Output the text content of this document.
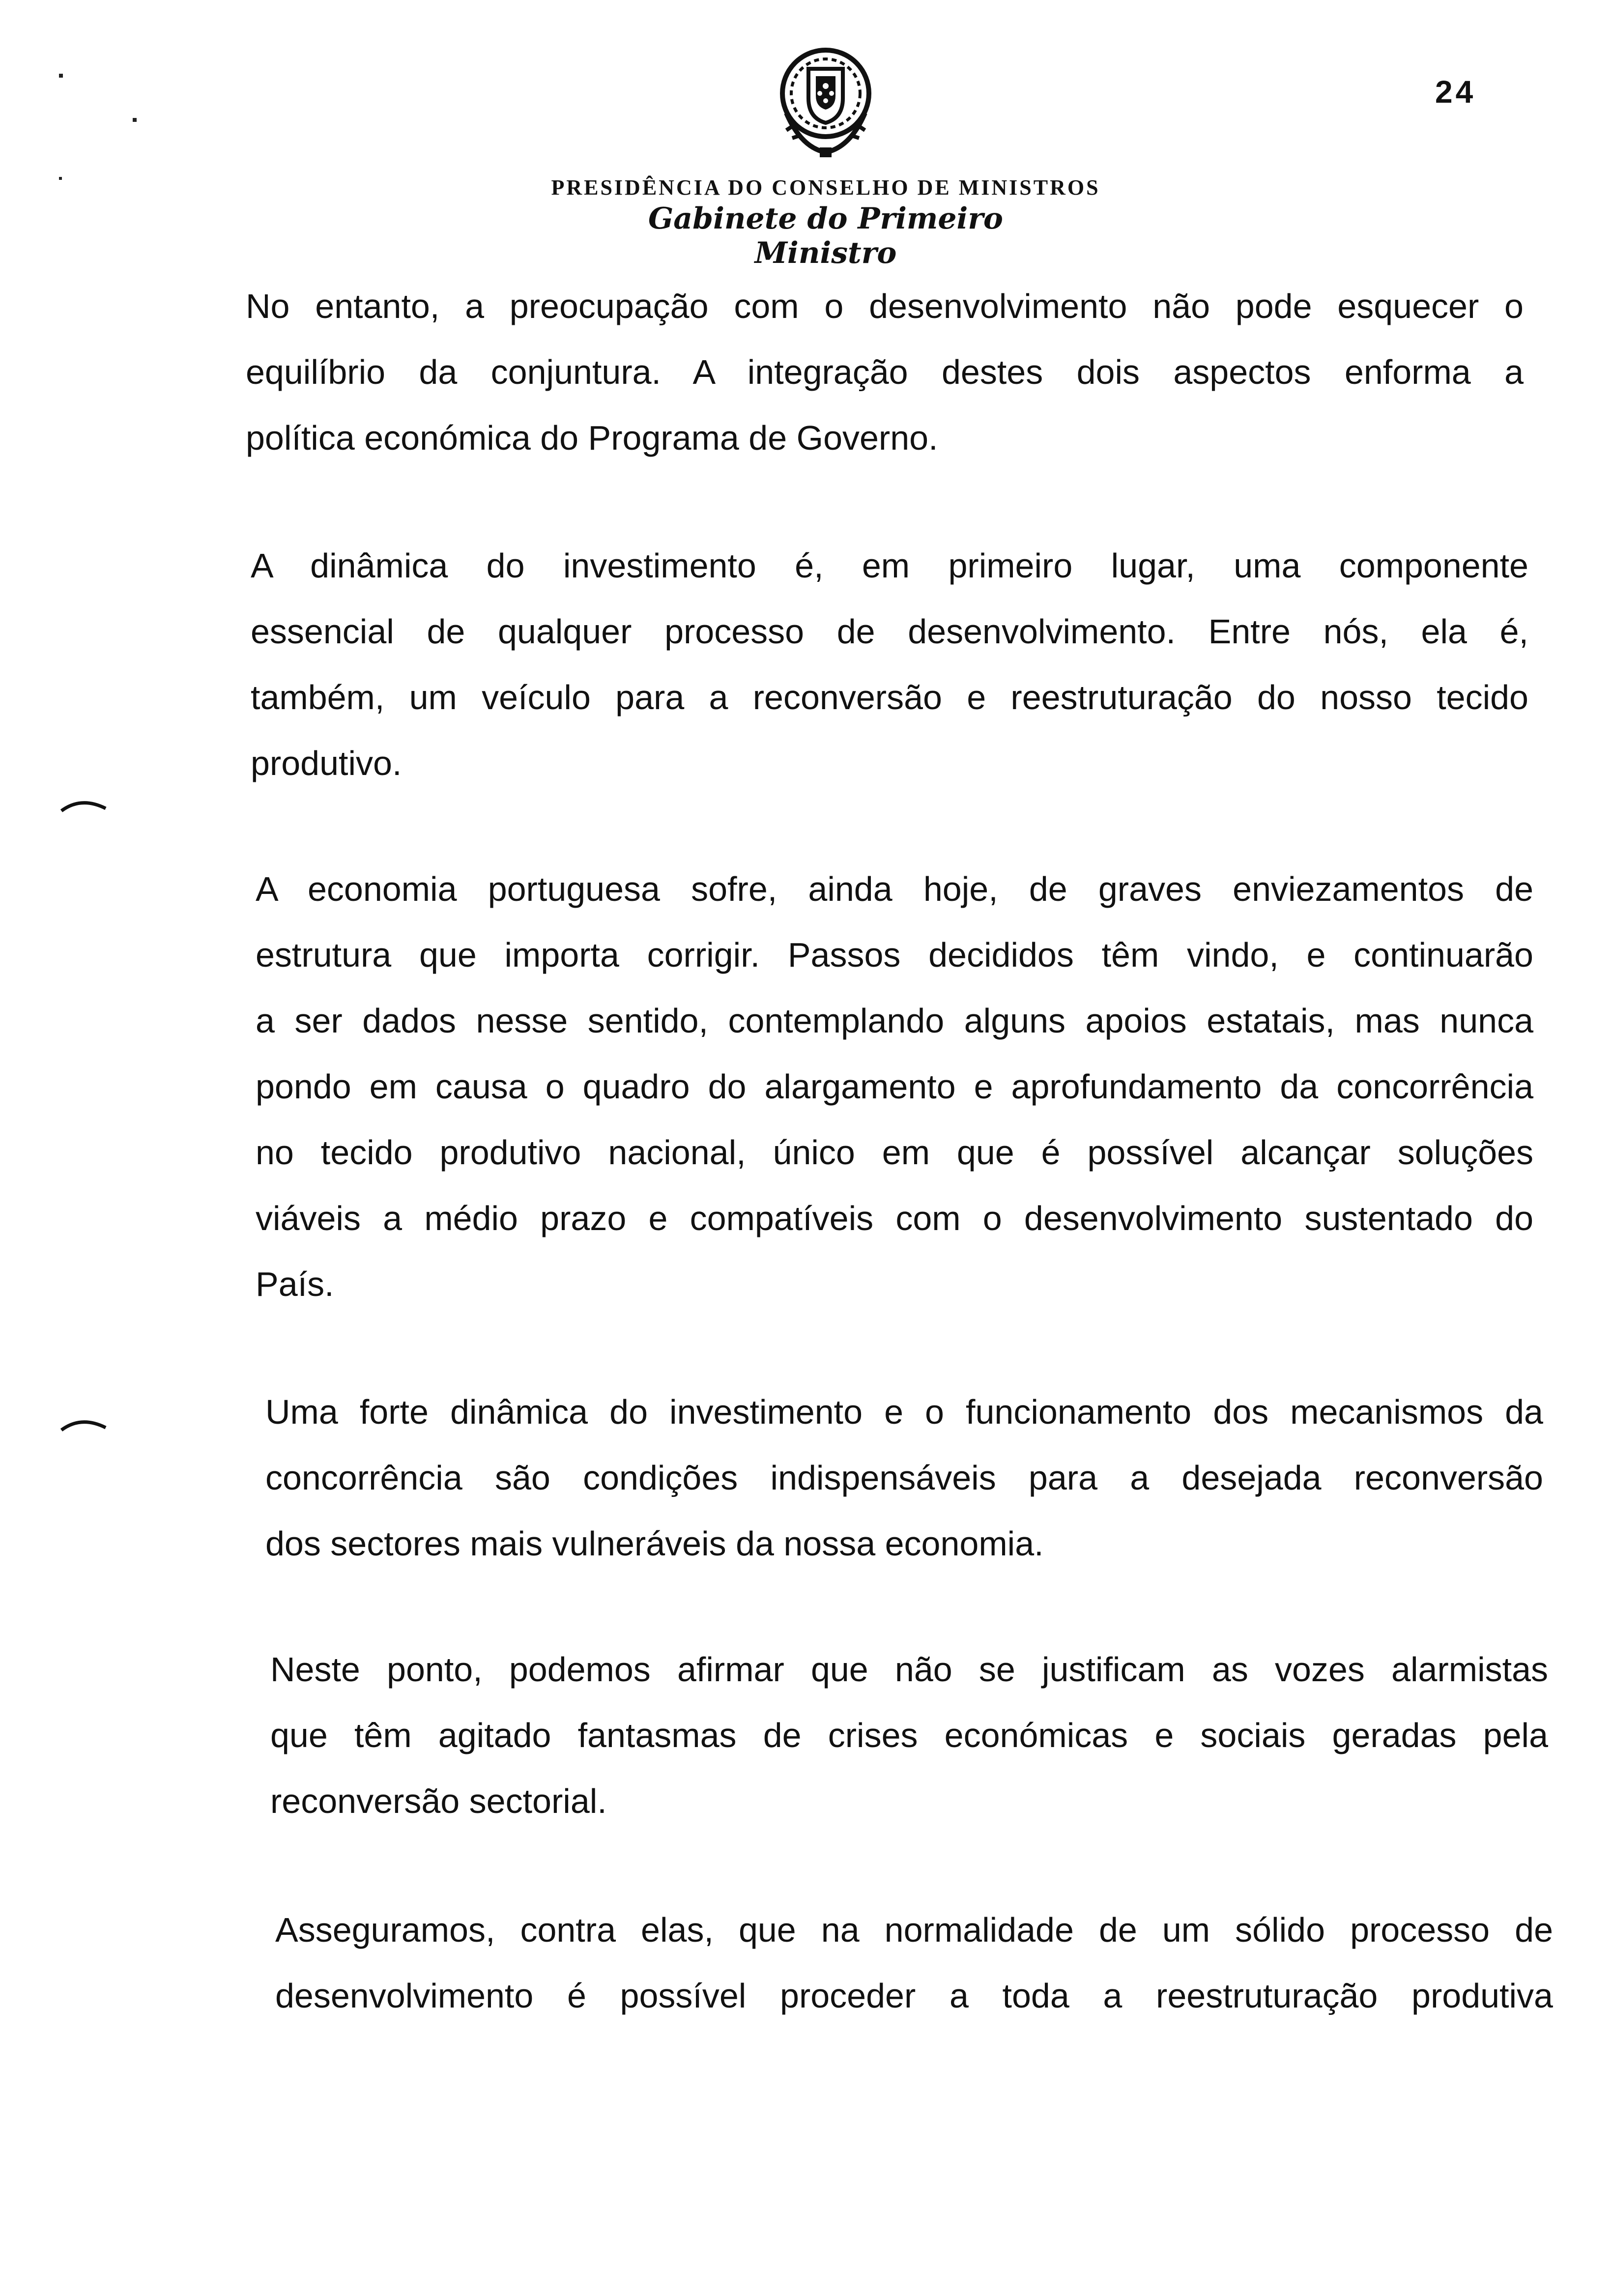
24
PRESIDÊNCIA DO CONSELHO DE MINISTROS
Gabinete do Primeiro Ministro
No entanto, a preocupação com o desenvolvimento não pode esquecer o
equilíbrio da conjuntura. A integração destes dois aspectos enforma a
política económica do Programa de Governo.
A dinâmica do investimento é, em primeiro lugar, uma componente
essencial de qualquer processo de desenvolvimento. Entre nós, ela é,
também, um veículo para a reconversão e reestruturação do nosso tecido
produtivo.
A economia portuguesa sofre, ainda hoje, de graves enviezamentos de
estrutura que importa corrigir. Passos decididos têm vindo, e continuarão
a ser dados nesse sentido, contemplando alguns apoios estatais, mas nunca
pondo em causa o quadro do alargamento e aprofundamento da concorrência
no tecido produtivo nacional, único em que é possível alcançar soluções
viáveis a médio prazo e compatíveis com o desenvolvimento sustentado do
País.
Uma forte dinâmica do investimento e o funcionamento dos mecanismos da
concorrência são condições indispensáveis para a desejada reconversão
dos sectores mais vulneráveis da nossa economia.
Neste ponto, podemos afirmar que não se justificam as vozes alarmistas
que têm agitado fantasmas de crises económicas e sociais geradas pela
reconversão sectorial.
Asseguramos, contra elas, que na normalidade de um sólido processo de
desenvolvimento é possível proceder a toda a reestruturação produtiva
